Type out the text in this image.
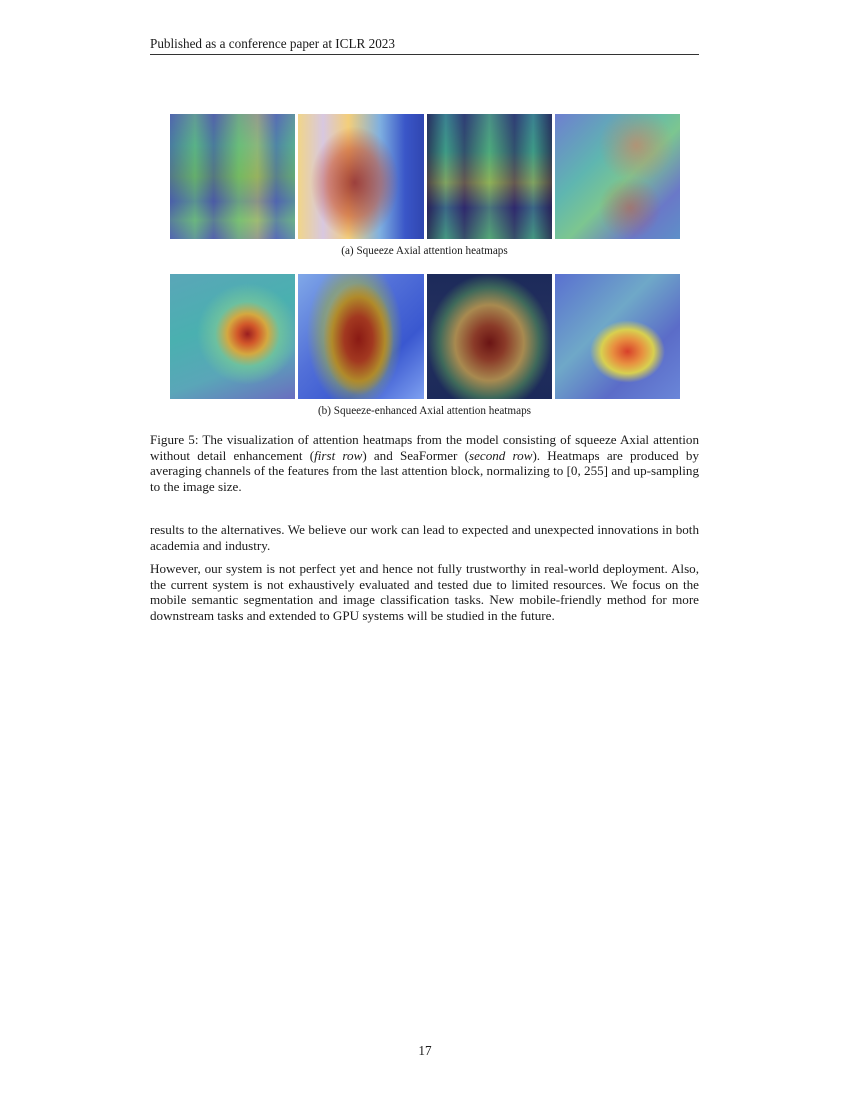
Published as a conference paper at ICLR 2023
(a) Squeeze Axial attention heatmaps
(b) Squeeze-enhanced Axial attention heatmaps
Figure 5: The visualization of attention heatmaps from the model consisting of squeeze Axial attention without detail enhancement (first row) and SeaFormer (second row). Heatmaps are produced by averaging channels of the features from the last attention block, normalizing to [0, 255] and up-sampling to the image size.

results to the alternatives. We believe our work can lead to expected and unexpected innovations in both academia and industry.

However, our system is not perfect yet and hence not fully trustworthy in real-world deployment. Also, the current system is not exhaustively evaluated and tested due to limited resources. We focus on the mobile semantic segmentation and image classification tasks. New mobile-friendly method for more downstream tasks and extended to GPU systems will be studied in the future.

17
